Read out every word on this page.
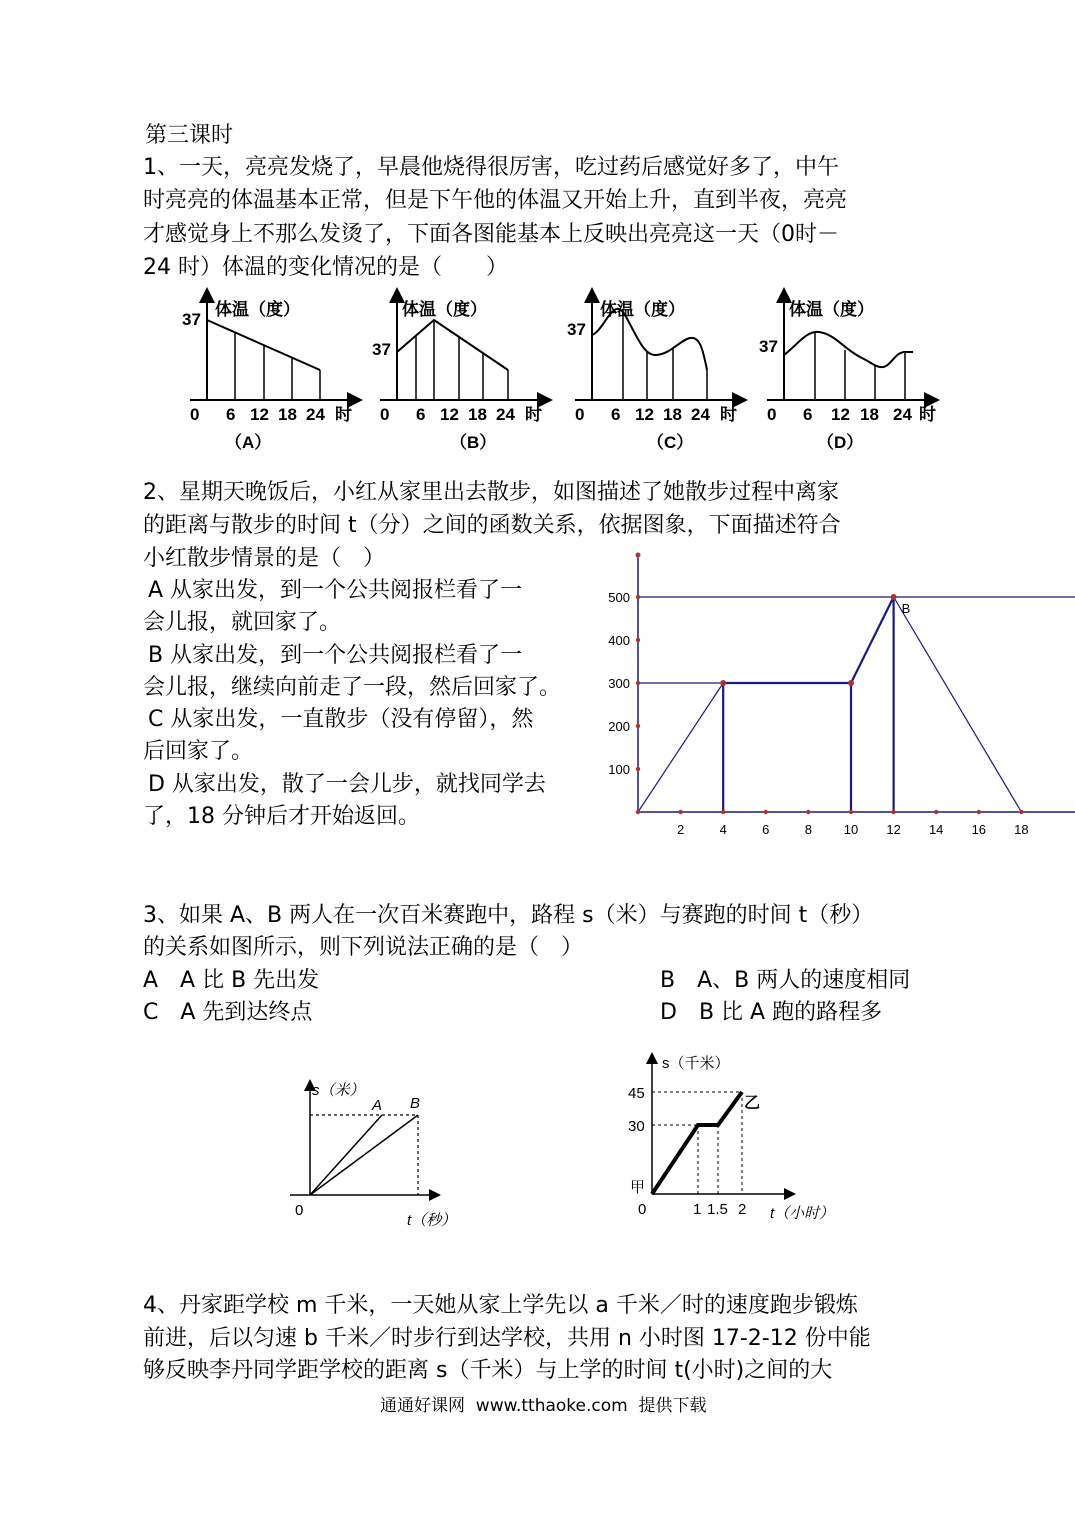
第三课时
1、一天，亮亮发烧了，早晨他烧得很厉害，吃过药后感觉好多了，中午
时亮亮的体温基本正常，但是下午他的体温又开始上升，直到半夜，亮亮
才感觉身上不那么发烫了，下面各图能基本上反映出亮亮这一天（0时－
24 时）体温的变化情况的是（　　）
体温（度）
37
0 6 12 18 24 时
（A）
体温（度）
37
0 6 12 18 24 时
（B）
体温（度）
37
0 6 12 18 24 时
（C）
体温（度）
37
0 6 12 18 24 时
（D）
2、星期天晚饭后，小红从家里出去散步，如图描述了她散步过程中离家
的距离与散步的时间 t（分）之间的函数关系，依据图象，下面描述符合
小红散步情景的是（　）
A 从家出发，到一个公共阅报栏看了一
会儿报，就回家了。
B 从家出发，到一个公共阅报栏看了一
会儿报，继续向前走了一段，然后回家了。
C 从家出发，一直散步（没有停留），然
后回家了。
D 从家出发，散了一会儿步，就找同学去
了，18 分钟后才开始返回。
B
100
200
300
400
500
2	4	6	8 10 12 14 16 18
3、如果 A、B 两人在一次百米赛跑中，路程 s（米）与赛跑的时间 t（秒）
的关系如图所示，则下列说法正确的是（　）
A　A 比 B 先出发	B　A、B 两人的速度相同
C　A 先到达终点	D　B 比 A 跑的路程多
s（米）
A B
0
t（秒）
s（千米）
45
30
甲
乙
0	1 1.5 2 t（小时）
4、丹家距学校 m 千米，一天她从家上学先以 a 千米／时的速度跑步锻炼
前进，后以匀速 b 千米／时步行到达学校，共用 n 小时图 17-2-12 份中能
够反映李丹同学距学校的距离 s（千米）与上学的时间 t(小时)之间的大
通通好课网  www.tthaoke.com  提供下载
